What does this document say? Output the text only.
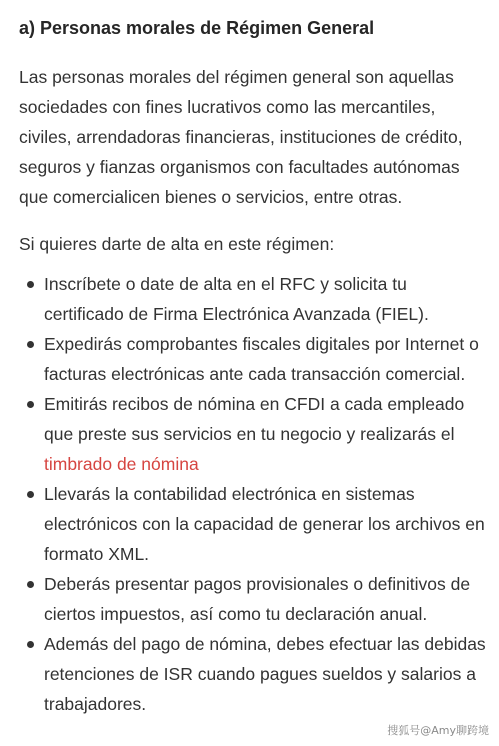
a) Personas morales de Régimen General

Las personas morales del régimen general son aquellas sociedades con fines lucrativos como las mercantiles, civiles, arrendadoras financieras, instituciones de crédito, seguros y fianzas organismos con facultades autónomas que comercialicen bienes o servicios, entre otras.

Si quieres darte de alta en este régimen:

Inscríbete o date de alta en el RFC y solicita tu certificado de Firma Electrónica Avanzada (FIEL).
Expedirás comprobantes fiscales digitales por Internet o facturas electrónicas ante cada transacción comercial.
Emitirás recibos de nómina en CFDI a cada empleado que preste sus servicios en tu negocio y realizarás el timbrado de nómina
Llevarás la contabilidad electrónica en sistemas electrónicos con la capacidad de generar los archivos en formato XML.
Deberás presentar pagos provisionales o definitivos de ciertos impuestos, así como tu declaración anual.
Además del pago de nómina, debes efectuar las debidas retenciones de ISR cuando pagues sueldos y salarios a trabajadores.
搜狐号@Amy聊跨境
